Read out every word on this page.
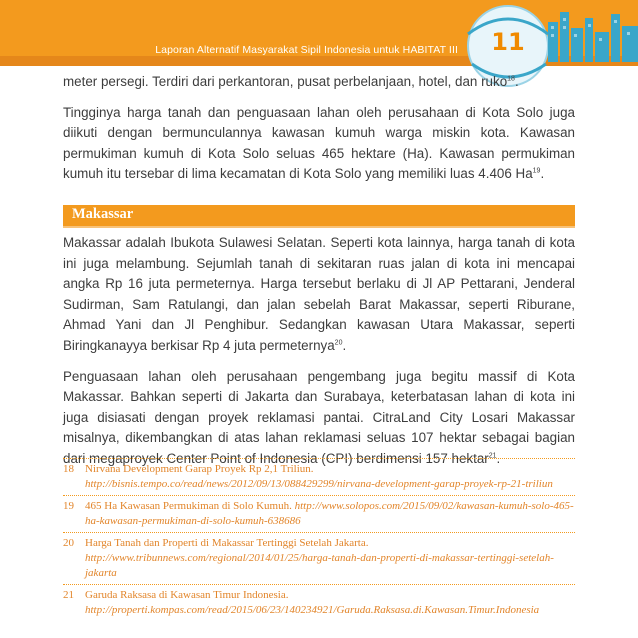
Laporan Alternatif Masyarakat Sipil Indonesia untuk HABITAT III	11

meter persegi. Terdiri dari perkantoran, pusat perbelanjaan, hotel, dan ruko$^{18}$.

Tingginya harga tanah dan penguasaan lahan oleh perusahaan di Kota Solo juga diikuti dengan bermunculannya kawasan kumuh warga miskin kota. Kawasan permukiman kumuh di Kota Solo seluas 465 hektare (Ha). Kawasan permukiman kumuh itu tersebar di lima kecamatan di Kota Solo yang memiliki luas 4.406 Ha$^{19}$.

Makassar

Makassar adalah Ibukota Sulawesi Selatan. Seperti kota lainnya, harga tanah di kota ini juga melambung. Sejumlah tanah di sekitaran ruas jalan di kota ini mencapai angka Rp 16 juta permeternya. Harga tersebut berlaku di Jl AP Pettarani, Jenderal Sudirman, Sam Ratulangi, dan jalan sebelah Barat Makassar, seperti Riburane, Ahmad Yani dan Jl Penghibur. Sedangkan kawasan Utara Makassar, seperti Biringkanayya berkisar Rp 4 juta permeternya$^{20}$.

Penguasaan lahan oleh perusahaan pengembang juga begitu massif di Kota Makassar. Bahkan seperti di Jakarta dan Surabaya, keterbatasan lahan di kota ini juga disiasati dengan proyek reklamasi pantai. CitraLand City Losari Makassar misalnya, dikembangkan di atas lahan reklamasi seluas 107 hektar sebagai bagian dari megaproyek Center Point of Indonesia (CPI) berdimensi 157 hektar$^{21}$.

18	Nirvana Development Garap Proyek Rp 2,1 Triliun. http://bisnis.tempo.co/read/news/2012/09/13/088429299/nirvana-development-garap-proyek-rp-21-triliun
19	465 Ha Kawasan Permukiman di Solo Kumuh. http://www.solopos.com/2015/09/02/kawasan-kumuh-solo-465-ha-kawasan-permukiman-di-solo-kumuh-638686
20	Harga Tanah dan Properti di Makassar Tertinggi Setelah Jakarta. http://www.tribunnews.com/regional/2014/01/25/harga-tanah-dan-properti-di-makassar-tertinggi-setelah-jakarta
21	Garuda Raksasa di Kawasan Timur Indonesia. http://properti.kompas.com/read/2015/06/23/140234921/Garuda.Raksasa.di.Kawasan.Timur.Indonesia
